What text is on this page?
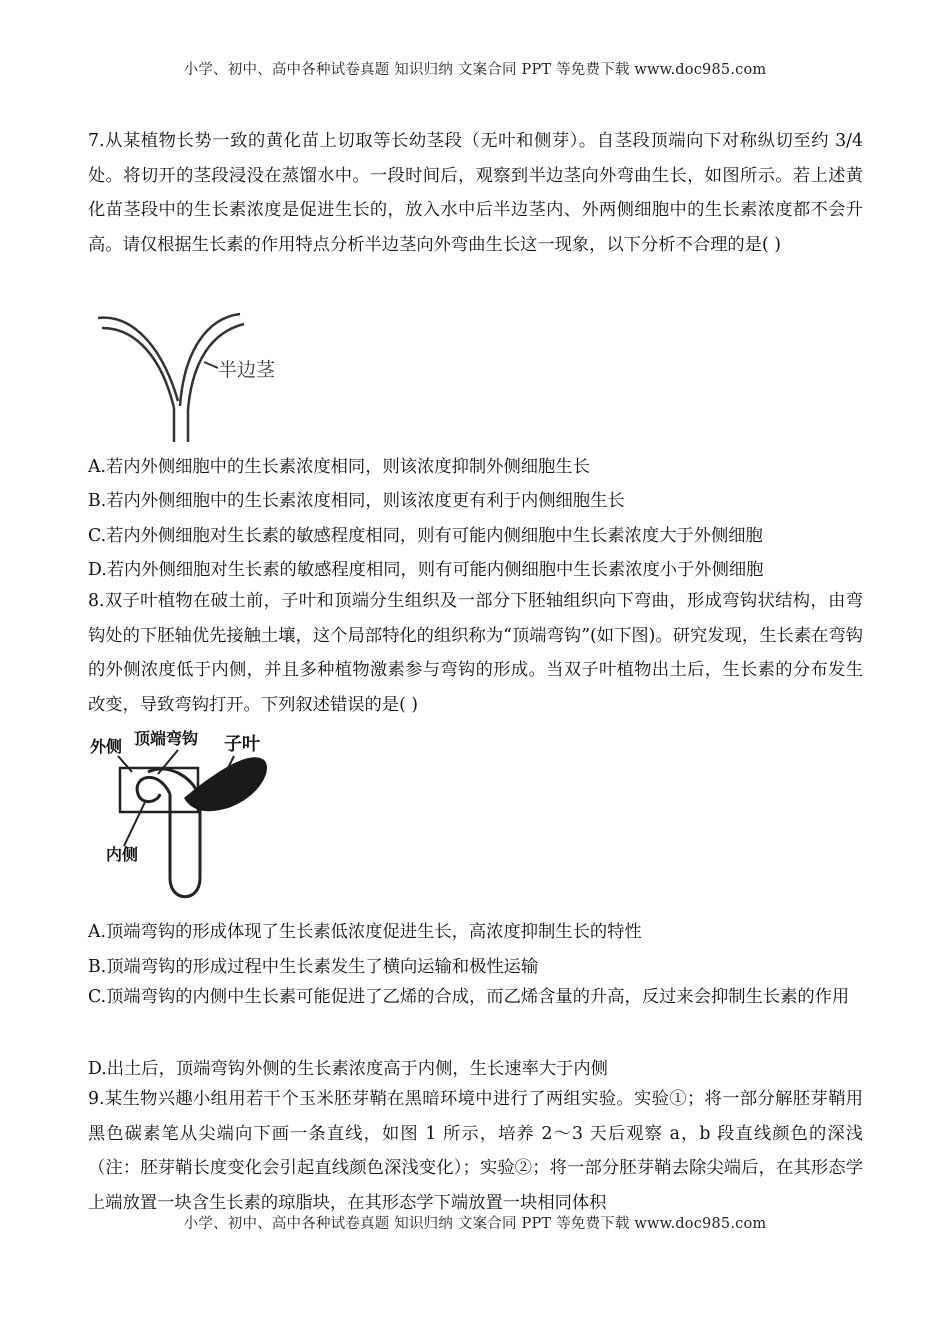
小学、初中、高中各种试卷真题 知识归纳 文案合同 PPT 等免费下载 www.doc985.com

7.从某植物长势一致的黄化苗上切取等长幼茎段（无叶和侧芽）。自茎段顶端向下对称纵切至约 3/4 处。将切开的茎段浸没在蒸馏水中。一段时间后，观察到半边茎向外弯曲生长，如图所示。若上述黄化苗茎段中的生长素浓度是促进生长的，放入水中后半边茎内、外两侧细胞中的生长素浓度都不会升高。请仅根据生长素的作用特点分析半边茎向外弯曲生长这一现象，以下分析不合理的是( )

半边茎
A.若内外侧细胞中的生长素浓度相同，则该浓度抑制外侧细胞生长
B.若内外侧细胞中的生长素浓度相同，则该浓度更有利于内侧细胞生长
C.若内外侧细胞对生长素的敏感程度相同，则有可能内侧细胞中生长素浓度大于外侧细胞
D.若内外侧细胞对生长素的敏感程度相同，则有可能内侧细胞中生长素浓度小于外侧细胞

8.双子叶植物在破土前，子叶和顶端分生组织及一部分下胚轴组织向下弯曲，形成弯钩状结构，由弯钩处的下胚轴优先接触土壤，这个局部特化的组织称为“顶端弯钩”(如下图)。研究发现，生长素在弯钩的外侧浓度低于内侧，并且多种植物激素参与弯钩的形成。当双子叶植物出土后，生长素的分布发生改变，导致弯钩打开。下列叙述错误的是( )

外侧 顶端弯钩 子叶
内侧
A.顶端弯钩的形成体现了生长素低浓度促进生长，高浓度抑制生长的特性
B.顶端弯钩的形成过程中生长素发生了横向运输和极性运输

C.顶端弯钩的内侧中生长素可能促进了乙烯的合成，而乙烯含量的升高，反过来会抑制生长素的作用

D.出土后，顶端弯钩外侧的生长素浓度高于内侧，生长速率大于内侧

9.某生物兴趣小组用若干个玉米胚芽鞘在黑暗环境中进行了两组实验。实验①；将一部分解胚芽鞘用黑色碳素笔从尖端向下画一条直线，如图 1 所示，培养 2～3 天后观察 a，b 段直线颜色的深浅（注：胚芽鞘长度变化会引起直线颜色深浅变化）；实验②；将一部分胚芽鞘去除尖端后，在其形态学上端放置一块含生长素的琼脂块，在其形态学下端放置一块相同体积

小学、初中、高中各种试卷真题 知识归纳 文案合同 PPT 等免费下载 www.doc985.com
